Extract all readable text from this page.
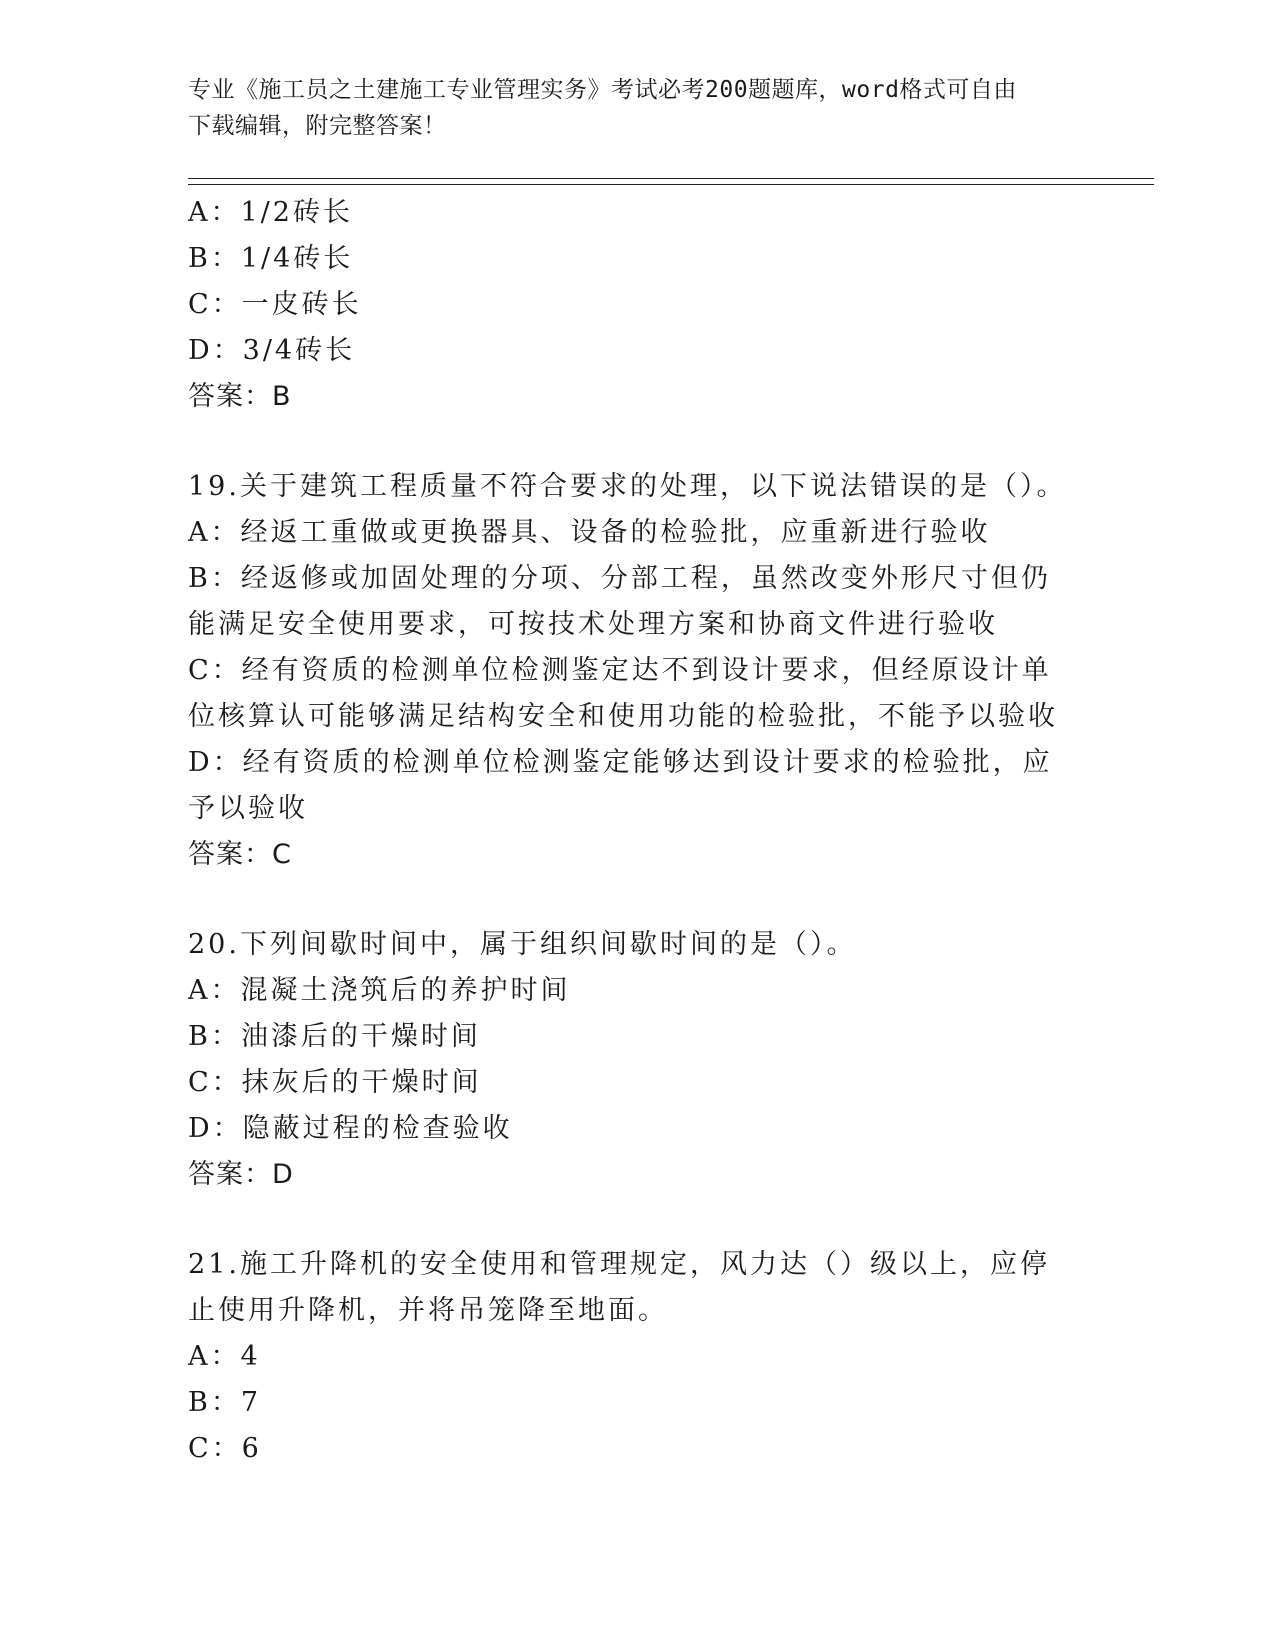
专业《施工员之土建施工专业管理实务》考试必考200题题库，word格式可自由
下载编辑，附完整答案！
A：1/2砖长
B：1/4砖长
C：一皮砖长
D：3/4砖长
答案：B
19.关于建筑工程质量不符合要求的处理，以下说法错误的是（）。
A：经返工重做或更换器具、设备的检验批，应重新进行验收
B：经返修或加固处理的分项、分部工程，虽然改变外形尺寸但仍能满足安全使用要求，可按技术处理方案和协商文件进行验收
C：经有资质的检测单位检测鉴定达不到设计要求，但经原设计单位核算认可能够满足结构安全和使用功能的检验批，不能予以验收
D：经有资质的检测单位检测鉴定能够达到设计要求的检验批，应予以验收
答案：C
20.下列间歇时间中，属于组织间歇时间的是（）。
A：混凝土浇筑后的养护时间
B：油漆后的干燥时间
C：抹灰后的干燥时间
D：隐蔽过程的检查验收
答案：D
21.施工升降机的安全使用和管理规定，风力达（）级以上，应停止使用升降机，并将吊笼降至地面。
A：4
B：7
C：6
